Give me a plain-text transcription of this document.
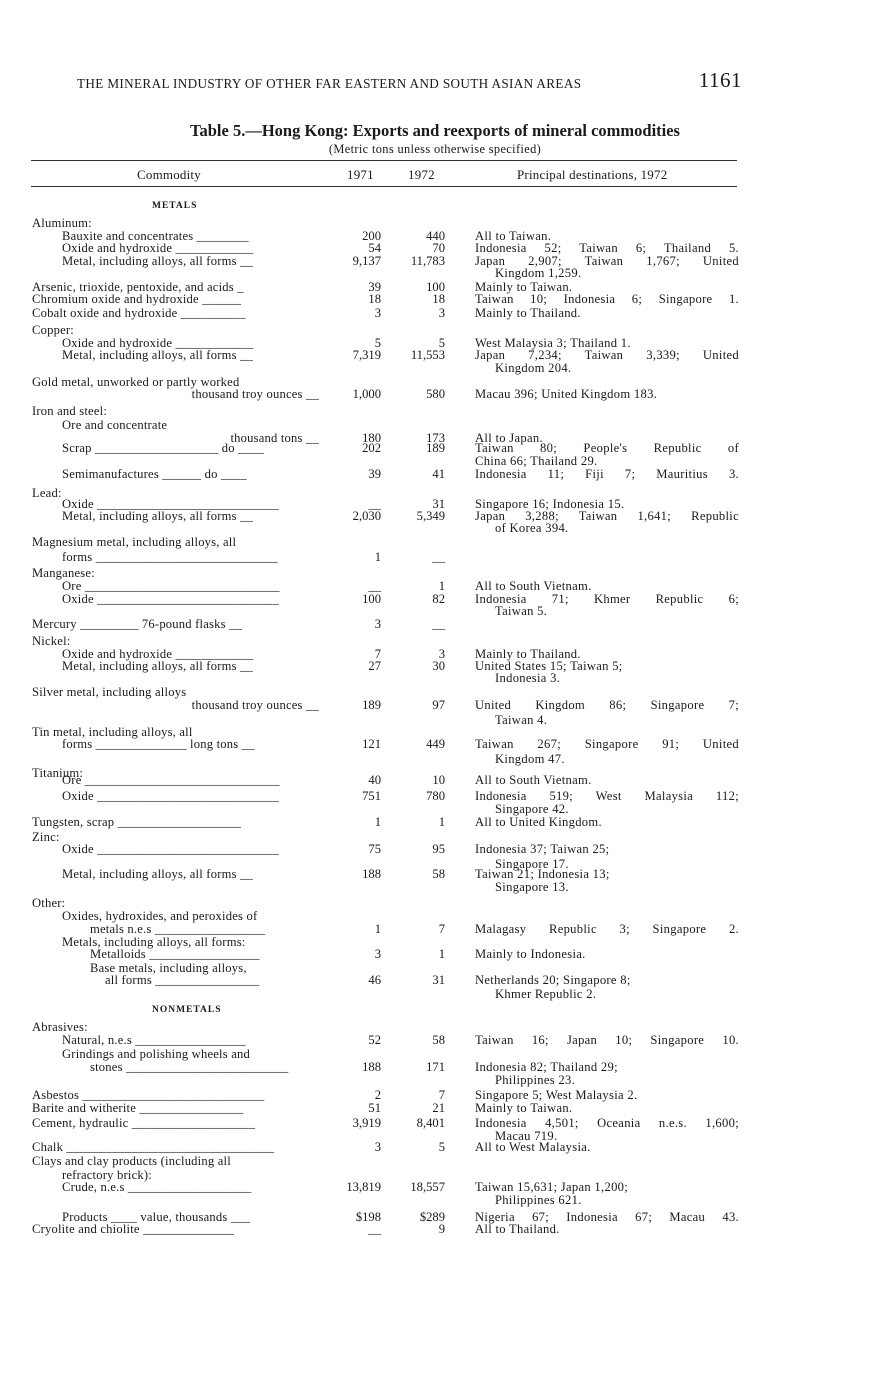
THE MINERAL INDUSTRY OF OTHER FAR EASTERN AND SOUTH ASIAN AREAS	1161
Table 5.—Hong Kong: Exports and reexports of mineral commodities
(Metric tons unless otherwise specified)
Commodity	1971	1972	Principal destinations, 1972
METALS
Aluminum:
Bauxite and concentrates ________	200	440 All to Taiwan.
Oxide and hydroxide ____________	54	70 Indonesia 52; Taiwan 6; Thailand 5.
Metal, including alloys, all forms __	9,137	11,783 Japan 2,907; Taiwan 1,767; United
Kingdom 1,259.
Arsenic, trioxide, pentoxide, and acids _	39	100 Mainly to Taiwan.
Chromium oxide and hydroxide ______	18	18 Taiwan 10; Indonesia 6; Singapore 1.
Cobalt oxide and hydroxide __________	3	3 Mainly to Thailand.
Copper:
Oxide and hydroxide ____________	5	5 West Malaysia 3; Thailand 1.
Metal, including alloys, all forms __	7,319	11,553 Japan 7,234; Taiwan 3,339; United
Kingdom 204.
Gold metal, unworked or partly worked
thousand troy ounces __	1,000	580 Macau 396; United Kingdom 183.
Iron and steel:
Ore and concentrate
thousand tons __	180	173 All to Japan.
Scrap ___________________ do ____	202	189 Taiwan 80; People's Republic of
China 66; Thailand 29.
Semimanufactures ______ do ____	39	41 Indonesia 11; Fiji 7; Mauritius 3.
Lead:
Oxide ____________________________	__	31 Singapore 16; Indonesia 15.
Metal, including alloys, all forms __	2,030	5,349 Japan 3,288; Taiwan 1,641; Republic
of Korea 394.
Magnesium metal, including alloys, all
forms ____________________________	1	__
Manganese:
Ore ______________________________	__	1 All to South Vietnam.
Oxide ____________________________	100	82 Indonesia 71; Khmer Republic 6;
Taiwan 5.
Mercury _________ 76-pound flasks __	3	__
Nickel:
Oxide and hydroxide ____________	7	3 Mainly to Thailand.
Metal, including alloys, all forms __	27	30 United States 15; Taiwan 5;
Indonesia 3.
Silver metal, including alloys
thousand troy ounces __	189	97 United Kingdom 86; Singapore 7;
Taiwan 4.
Tin metal, including alloys, all
forms ______________ long tons __	121	449 Taiwan 267; Singapore 91; United
Kingdom 47.
Titanium:
Ore ______________________________	40	10 All to South Vietnam.
Oxide ____________________________	751	780 Indonesia 519; West Malaysia 112;
Singapore 42.
Tungsten, scrap ___________________	1	1 All to United Kingdom.
Zinc:
Oxide ____________________________	75	95 Indonesia 37; Taiwan 25;
Singapore 17.
Metal, including alloys, all forms __	188	58 Taiwan 21; Indonesia 13;
Singapore 13.
Other:
Oxides, hydroxides, and peroxides of
metals n.e.s _________________	1	7 Malagasy Republic 3; Singapore 2.
Metals, including alloys, all forms:
Metalloids _________________	3	1 Mainly to Indonesia.
Base metals, including alloys,
all forms ________________	46	31 Netherlands 20; Singapore 8;
Khmer Republic 2.
NONMETALS
Abrasives:
Natural, n.e.s _________________	52	58 Taiwan 16; Japan 10; Singapore 10.
Grindings and polishing wheels and
stones _________________________	188	171 Indonesia 82; Thailand 29;
Philippines 23.
Asbestos ____________________________	2	7 Singapore 5; West Malaysia 2.
Barite and witherite ________________	51	21 Mainly to Taiwan.
Cement, hydraulic ___________________	3,919	8,401 Indonesia 4,501; Oceania n.e.s. 1,600;
Macau 719.
Chalk ________________________________	3	5 All to West Malaysia.
Clays and clay products (including all
refractory brick):
Crude, n.e.s ___________________	13,819	18,557 Taiwan 15,631; Japan 1,200;
Philippines 621.
Products ____ value, thousands ___	$198	$289 Nigeria 67; Indonesia 67; Macau 43.
Cryolite and chiolite ______________	__	9 All to Thailand.
